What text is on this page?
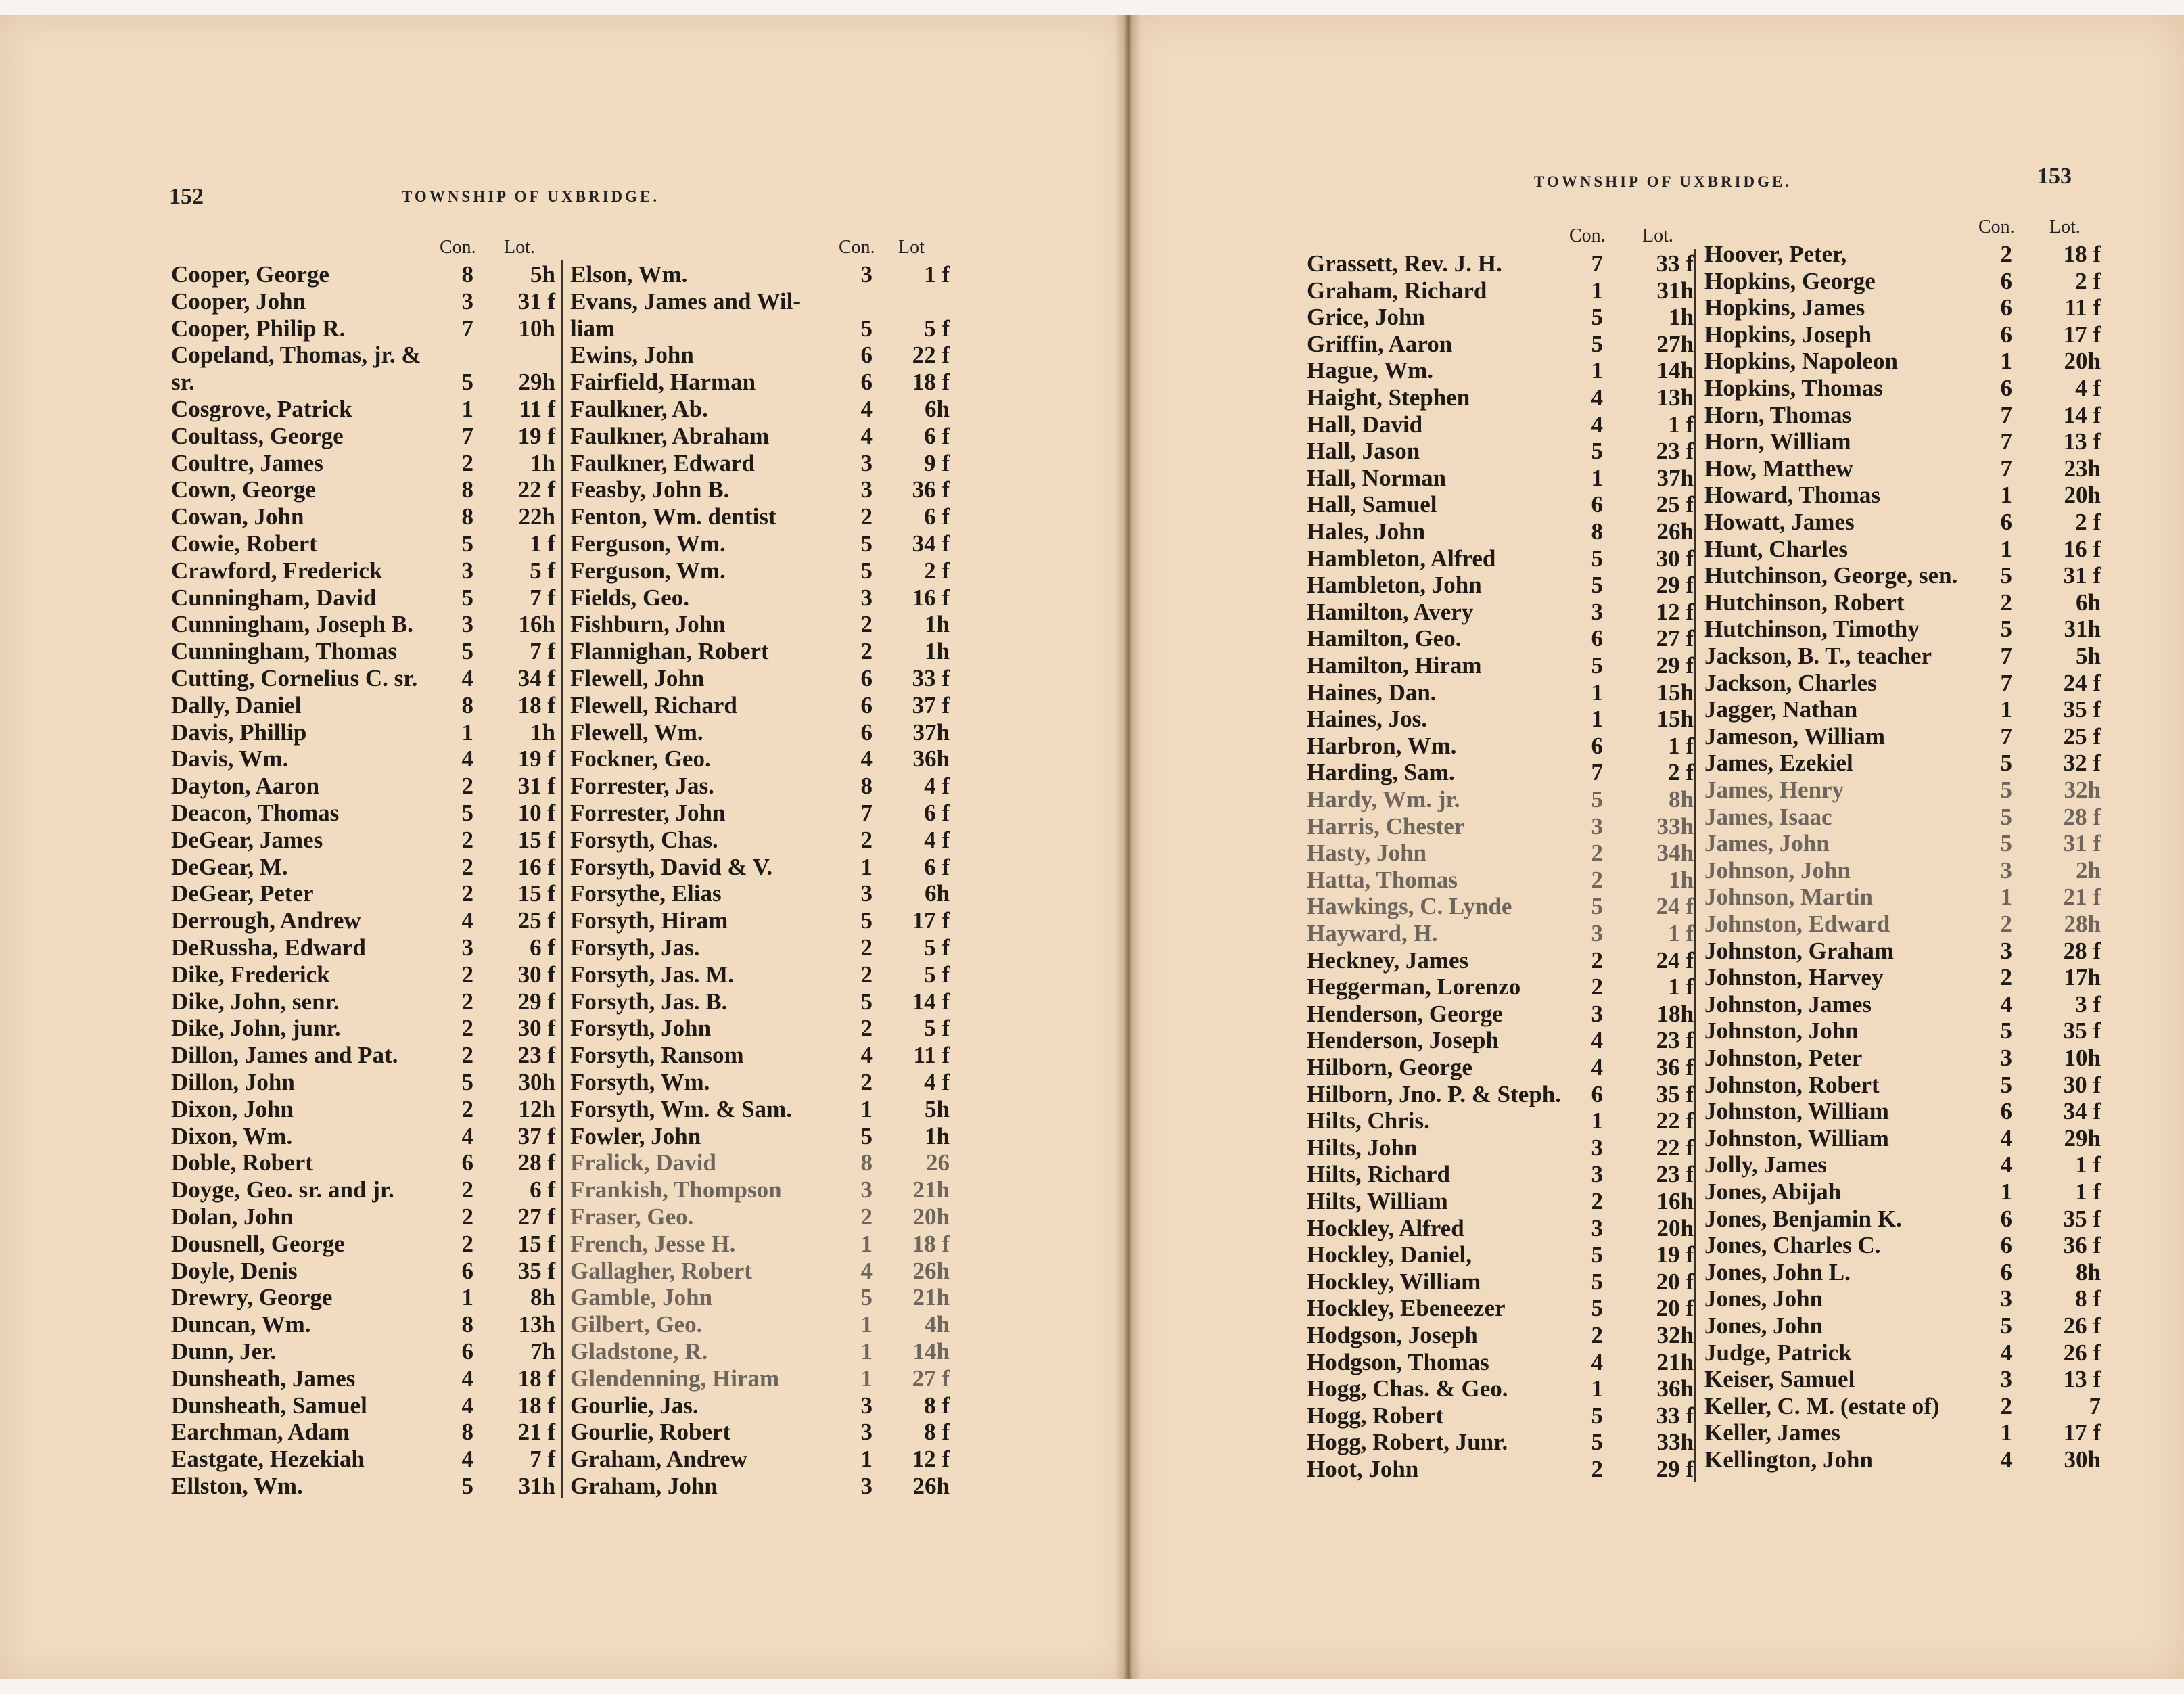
152	TOWNSHIP OF UXBRIDGE.
TOWNSHIP OF UXBRIDGE.	153
Cooper, George	8	5h
Cooper, John	3	31 f
Cooper, Philip R.	7	10h
Copeland, Thomas, jr. &
sr.	5	29h
Cosgrove, Patrick	1	11 f
Coultass, George	7	19 f
Coultre, James	2	1h
Cown, George	8	22 f
Cowan, John	8	22h
Cowie, Robert	5	1 f
Crawford, Frederick	3	5 f
Cunningham, David	5	7 f
Cunningham, Joseph B.	3	16h
Cunningham, Thomas	5	7 f
Cutting, Cornelius C. sr.	4	34 f
Dally, Daniel	8	18 f
Davis, Phillip	1	1h
Davis, Wm.	4	19 f
Dayton, Aaron	2	31 f
Deacon, Thomas	5	10 f
DeGear, James	2	15 f
DeGear, M.	2	16 f
DeGear, Peter	2	15 f
Derrough, Andrew	4	25 f
DeRussha, Edward	3	6 f
Dike, Frederick	2	30 f
Dike, John, senr.	2	29 f
Dike, John, junr.	2	30 f
Dillon, James and Pat.	2	23 f
Dillon, John	5	30h
Dixon, John	2	12h
Dixon, Wm.	4	37 f
Doble, Robert	6	28 f
Doyge, Geo. sr. and jr.	2	6 f
Dolan, John	2	27 f
Dousnell, George	2	15 f
Doyle, Denis	6	35 f
Drewry, George	1	8h
Duncan, Wm.	8	13h
Dunn, Jer.	6	7h
Dunsheath, James	4	18 f
Dunsheath, Samuel	4	18 f
Earchman, Adam	8	21 f
Eastgate, Hezekiah	4	7 f
Ellston, Wm.	5	31h
Elson, Wm.	3	1 f
Evans, James and Wil-
liam	5	5 f
Ewins, John	6	22 f
Fairfield, Harman	6	18 f
Faulkner, Ab.	4	6h
Faulkner, Abraham	4	6 f
Faulkner, Edward	3	9 f
Feasby, John B.	3	36 f
Fenton, Wm. dentist	2	6 f
Ferguson, Wm.	5	34 f
Ferguson, Wm.	5	2 f
Fields, Geo.	3	16 f
Fishburn, John	2	1h
Flannighan, Robert	2	1h
Flewell, John	6	33 f
Flewell, Richard	6	37 f
Flewell, Wm.	6	37h
Fockner, Geo.	4	36h
Forrester, Jas.	8	4 f
Forrester, John	7	6 f
Forsyth, Chas.	2	4 f
Forsyth, David & V.	1	6 f
Forsythe, Elias	3	6h
Forsyth, Hiram	5	17 f
Forsyth, Jas.	2	5 f
Forsyth, Jas. M.	2	5 f
Forsyth, Jas. B.	5	14 f
Forsyth, John	2	5 f
Forsyth, Ransom	4	11 f
Forsyth, Wm.	2	4 f
Forsyth, Wm. & Sam.	1	5h
Fowler, John	5	1h
Fralick, David	8	26
Frankish, Thompson	3	21h
Fraser, Geo.	2	20h
French, Jesse H.	1	18 f
Gallagher, Robert	4	26h
Gamble, John	5	21h
Gilbert, Geo.	1	4h
Gladstone, R.	1	14h
Glendenning, Hiram	1	27 f
Gourlie, Jas.	3	8 f
Gourlie, Robert	3	8 f
Graham, Andrew	1	12 f
Graham, John	3	26h
Grassett, Rev. J. H.	7	33 f
Graham, Richard	1	31h
Grice, John	5	1h
Griffin, Aaron	5	27h
Hague, Wm.	1	14h
Haight, Stephen	4	13h
Hall, David	4	1 f
Hall, Jason	5	23 f
Hall, Norman	1	37h
Hall, Samuel	6	25 f
Hales, John	8	26h
Hambleton, Alfred	5	30 f
Hambleton, John	5	29 f
Hamilton, Avery	3	12 f
Hamilton, Geo.	6	27 f
Hamilton, Hiram	5	29 f
Haines, Dan.	1	15h
Haines, Jos.	1	15h
Harbron, Wm.	6	1 f
Harding, Sam.	7	2 f
Hardy, Wm. jr.	5	8h
Harris, Chester	3	33h
Hasty, John	2	34h
Hatta, Thomas	2	1h
Hawkings, C. Lynde	5	24 f
Hayward, H.	3	1 f
Heckney, James	2	24 f
Heggerman, Lorenzo	2	1 f
Henderson, George	3	18h
Henderson, Joseph	4	23 f
Hilborn, George	4	36 f
Hilborn, Jno. P. & Steph.	6	35 f
Hilts, Chris.	1	22 f
Hilts, John	3	22 f
Hilts, Richard	3	23 f
Hilts, William	2	16h
Hockley, Alfred	3	20h
Hockley, Daniel,	5	19 f
Hockley, William	5	20 f
Hockley, Ebeneezer	5	20 f
Hodgson, Joseph	2	32h
Hodgson, Thomas	4	21h
Hogg, Chas. & Geo.	1	36h
Hogg, Robert	5	33 f
Hogg, Robert, Junr.	5	33h
Hoot, John	2	29 f
Hoover, Peter,	2	18 f
Hopkins, George	6	2 f
Hopkins, James	6	11 f
Hopkins, Joseph	6	17 f
Hopkins, Napoleon	1	20h
Hopkins, Thomas	6	4 f
Horn, Thomas	7	14 f
Horn, William	7	13 f
How, Matthew	7	23h
Howard, Thomas	1	20h
Howatt, James	6	2 f
Hunt, Charles	1	16 f
Hutchinson, George, sen.	5	31 f
Hutchinson, Robert	2	6h
Hutchinson, Timothy	5	31h
Jackson, B. T., teacher	7	5h
Jackson, Charles	7	24 f
Jagger, Nathan	1	35 f
Jameson, William	7	25 f
James, Ezekiel	5	32 f
James, Henry	5	32h
James, Isaac	5	28 f
James, John	5	31 f
Johnson, John	3	2h
Johnson, Martin	1	21 f
Johnston, Edward	2	28h
Johnston, Graham	3	28 f
Johnston, Harvey	2	17h
Johnston, James	4	3 f
Johnston, John	5	35 f
Johnston, Peter	3	10h
Johnston, Robert	5	30 f
Johnston, William	6	34 f
Johnston, William	4	29h
Jolly, James	4	1 f
Jones, Abijah	1	1 f
Jones, Benjamin K.	6	35 f
Jones, Charles C.	6	36 f
Jones, John L.	6	8h
Jones, John	3	8 f
Jones, John	5	26 f
Judge, Patrick	4	26 f
Keiser, Samuel	3	13 f
Keller, C. M. (estate of)	2	7
Keller, James	1	17 f
Kellington, John	4	30h
Con. Lot.	Con. Lot
Con. Lot.	Con. Lot.
